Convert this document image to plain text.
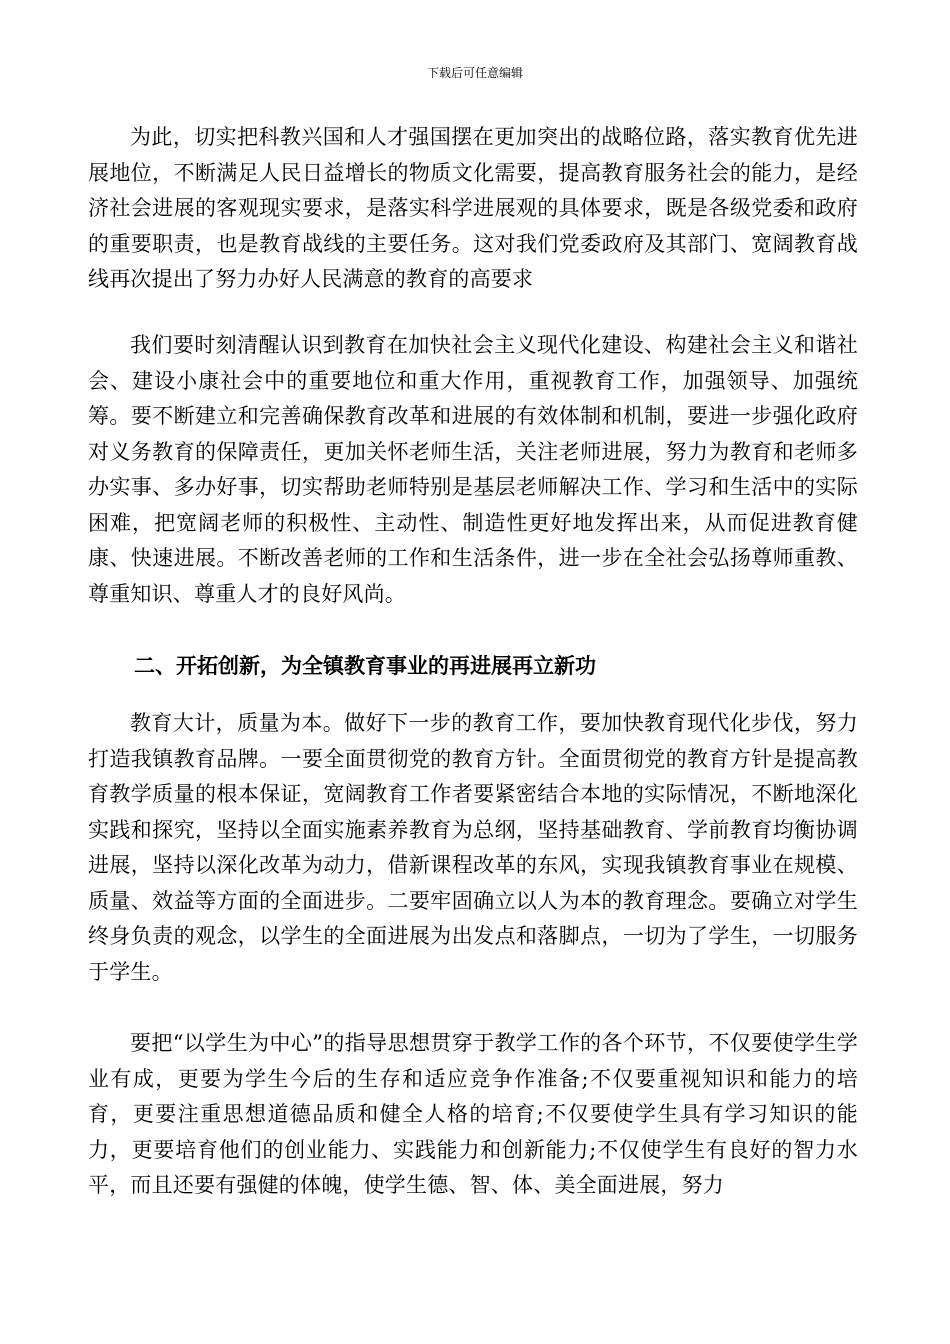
下载后可任意编辑

为此，切实把科教兴国和人才强国摆在更加突出的战略位路，落实教育优先进展地位，不断满足人民日益增长的物质文化需要，提高教育服务社会的能力，是经济社会进展的客观现实要求，是落实科学进展观的具体要求，既是各级党委和政府的重要职责，也是教育战线的主要任务。这对我们党委政府及其部门、宽阔教育战线再次提出了努力办好人民满意的教育的高要求

我们要时刻清醒认识到教育在加快社会主义现代化建设、构建社会主义和谐社会、建设小康社会中的重要地位和重大作用，重视教育工作，加强领导、加强统筹。要不断建立和完善确保教育改革和进展的有效体制和机制，要进一步强化政府对义务教育的保障责任，更加关怀老师生活，关注老师进展，努力为教育和老师多办实事、多办好事，切实帮助老师特别是基层老师解决工作、学习和生活中的实际困难，把宽阔老师的积极性、主动性、制造性更好地发挥出来，从而促进教育健康、快速进展。不断改善老师的工作和生活条件，进一步在全社会弘扬尊师重教、尊重知识、尊重人才的良好风尚。

二、开拓创新，为全镇教育事业的再进展再立新功

教育大计，质量为本。做好下一步的教育工作，要加快教育现代化步伐，努力打造我镇教育品牌。一要全面贯彻党的教育方针。全面贯彻党的教育方针是提高教育教学质量的根本保证，宽阔教育工作者要紧密结合本地的实际情况，不断地深化实践和探究，坚持以全面实施素养教育为总纲，坚持基础教育、学前教育均衡协调进展，坚持以深化改革为动力，借新课程改革的东风，实现我镇教育事业在规模、质量、效益等方面的全面进步。二要牢固确立以人为本的教育理念。要确立对学生终身负责的观念，以学生的全面进展为出发点和落脚点，一切为了学生，一切服务于学生。

要把“以学生为中心”的指导思想贯穿于教学工作的各个环节，不仅要使学生学业有成，更要为学生今后的生存和适应竞争作准备;不仅要重视知识和能力的培育，更要注重思想道德品质和健全人格的培育;不仅要使学生具有学习知识的能力，更要培育他们的创业能力、实践能力和创新能力;不仅使学生有良好的智力水平，而且还要有强健的体魄，使学生德、智、体、美全面进展，努力
